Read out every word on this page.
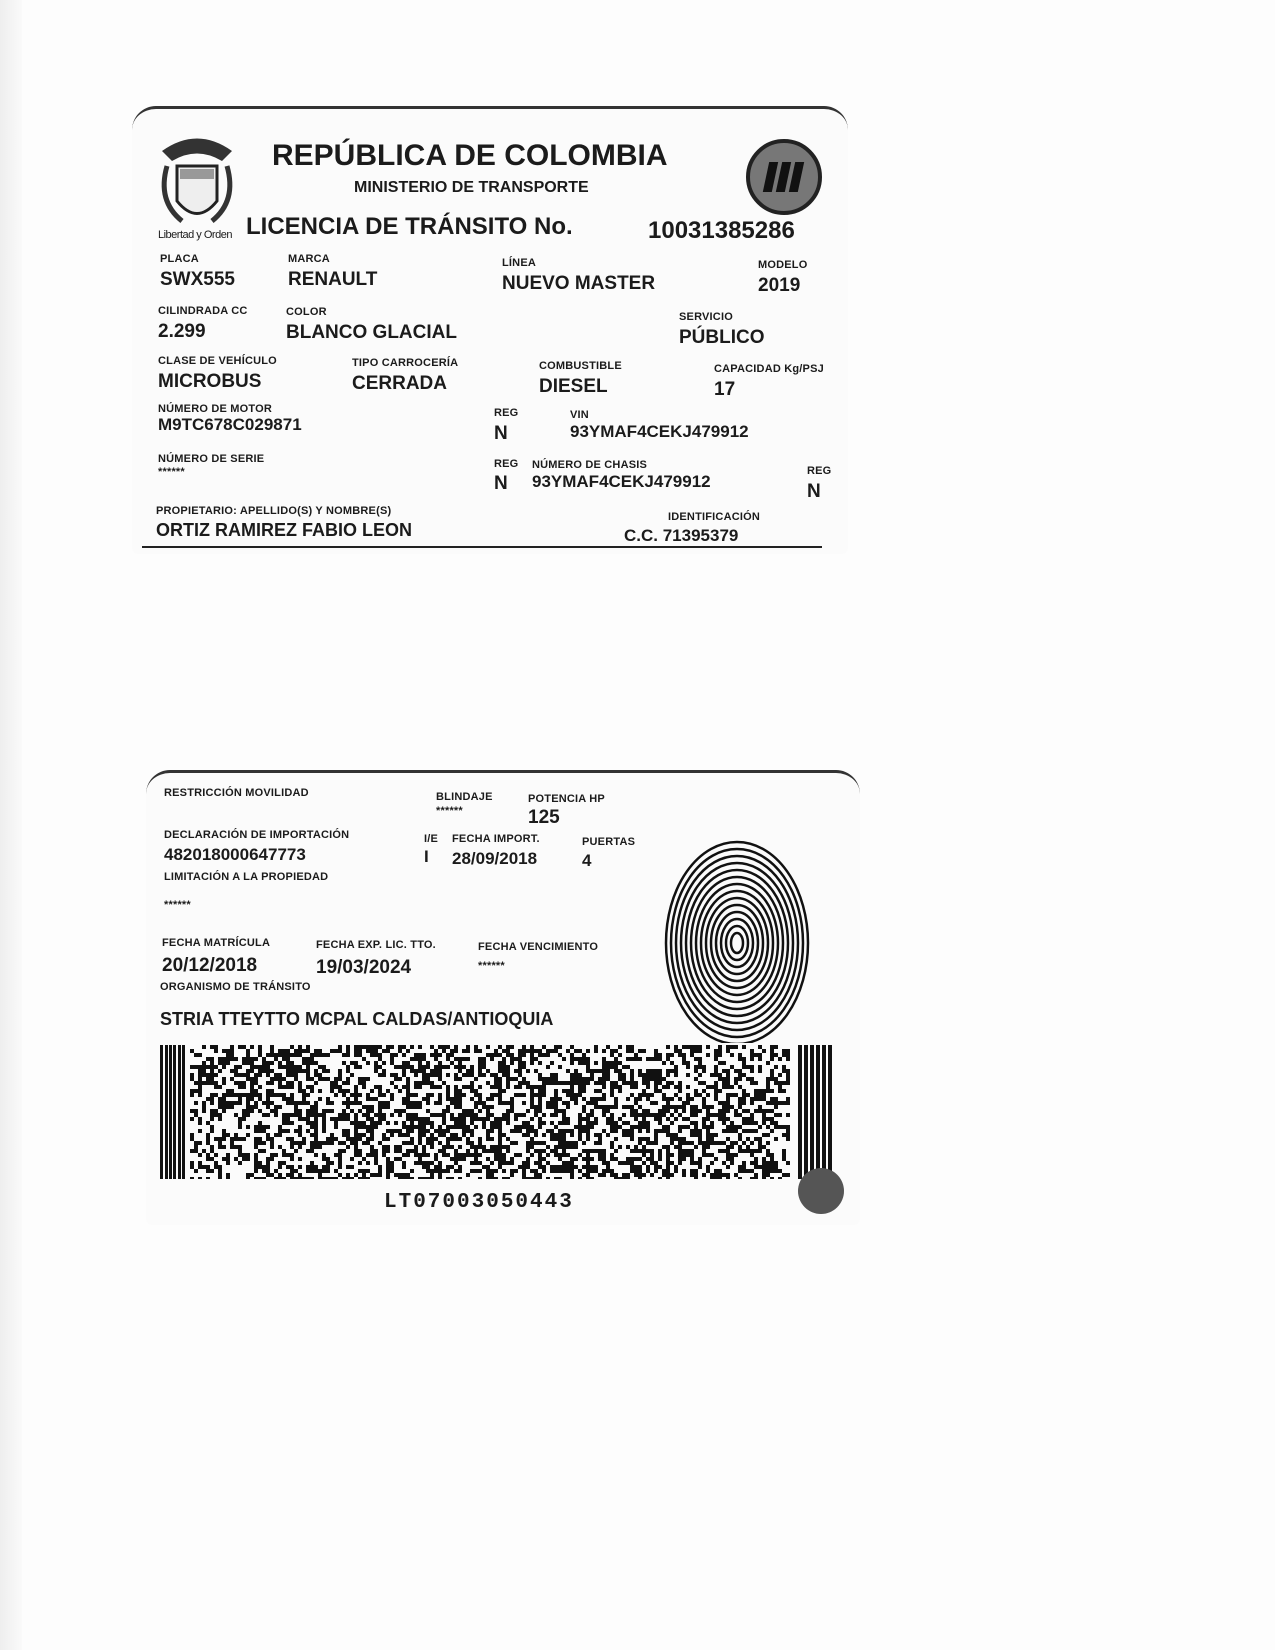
Libertad y Orden
REPÚBLICA DE COLOMBIA
MINISTERIO DE TRANSPORTE
LICENCIA DE TRÁNSITO No.	10031385286
PLACA
SWX555
MARCA
RENAULT
LÍNEA
NUEVO MASTER
MODELO
2019
CILINDRADA CC
2.299
COLOR
BLANCO GLACIAL
SERVICIO
PÚBLICO
CLASE DE VEHÍCULO
MICROBUS
TIPO CARROCERÍA
CERRADA
COMBUSTIBLE
DIESEL
CAPACIDAD Kg/PSJ
17
NÚMERO DE MOTOR
M9TC678C029871
REG
N
VIN
93YMAF4CEKJ479912
NÚMERO DE SERIE
******
REG
N
NÚMERO DE CHASIS
93YMAF4CEKJ479912
REG
N
PROPIETARIO: APELLIDO(S) Y NOMBRE(S)
ORTIZ RAMIREZ FABIO LEON
IDENTIFICACIÓN
C.C. 71395379
RESTRICCIÓN MOVILIDAD	BLINDAJE
******
POTENCIA HP
125
DECLARACIÓN DE IMPORTACIÓN
482018000647773
I/E
I
FECHA IMPORT.
28/09/2018
PUERTAS
4
LIMITACIÓN A LA PROPIEDAD
******
FECHA MATRÍCULA
20/12/2018
FECHA EXP. LIC. TTO.
19/03/2024
FECHA VENCIMIENTO
******
ORGANISMO DE TRÁNSITO
STRIA TTEYTTO MCPAL CALDAS/ANTIOQUIA
LT07003050443
